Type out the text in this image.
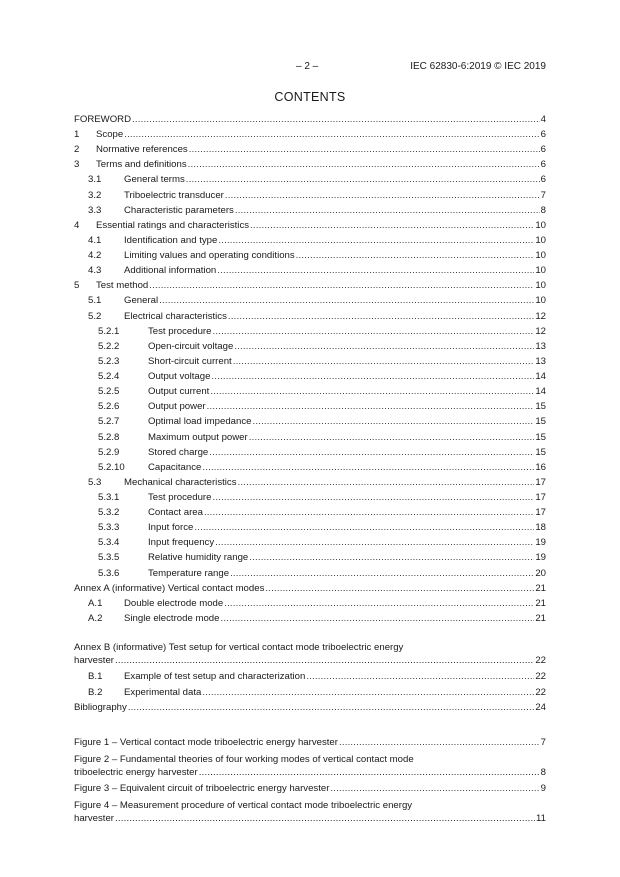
– 2 –	IEC 62830-6:2019 © IEC 2019
CONTENTS
FOREWORD .....	4
1 Scope .....	6
2 Normative references .....	6
3 Terms and definitions .....	6
3.1 General terms .....	6
3.2 Triboelectric transducer .....	7
3.3 Characteristic parameters .....	8
4 Essential ratings and characteristics .....	10
4.1 Identification and type .....	10
4.2 Limiting values and operating conditions .....	10
4.3 Additional information .....	10
5 Test method .....	10
5.1 General .....	10
5.2 Electrical characteristics .....	12
5.2.1	Test procedure .....	12
5.2.2	Open-circuit voltage .....	13
5.2.3	Short-circuit current .....	13
5.2.4	Output voltage .....	14
5.2.5	Output current .....	14
5.2.6	Output power .....	15
5.2.7	Optimal load impedance .....	15
5.2.8	Maximum output power .....	15
5.2.9	Stored charge .....	15
5.2.10 Capacitance .....	16
5.3 Mechanical characteristics .....	17
5.3.1	Test procedure .....	17
5.3.2	Contact area .....	17
5.3.3	Input force .....	18
5.3.4	Input frequency .....	19
5.3.5	Relative humidity range .....	19
5.3.6	Temperature range .....	20
Annex A (informative) Vertical contact modes .....	21
A.1 Double electrode mode .....	21
A.2 Single electrode mode .....	21
Annex B (informative) Test setup for vertical contact mode triboelectric energy
harvester .....	22
B.1 Example of test setup and characterization .....	22
B.2 Experimental data .....	22
Bibliography .....	24
Figure 1 – Vertical contact mode triboelectric energy harvester .....	7
Figure 2 – Fundamental theories of four working modes of vertical contact mode
triboelectric energy harvester .....	8
Figure 3 – Equivalent circuit of triboelectric energy harvester .....	9
Figure 4 – Measurement procedure of vertical contact mode triboelectric energy
harvester .....	11
